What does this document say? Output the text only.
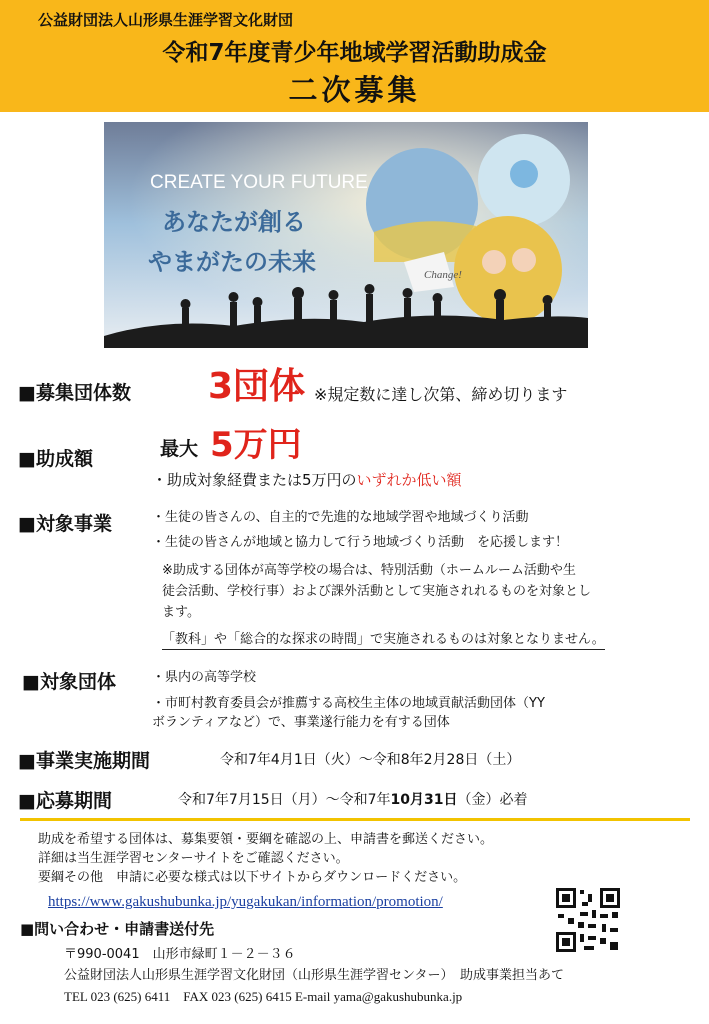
公益財団法人山形県生涯学習文化財団
令和7年度青少年地域学習活動助成金
二次募集
Change!
CREATE YOUR FUTURE
あなたが創る
やまがたの未来
■募集団体数 3団体 ※規定数に達し次第、締め切ります
■助成額	最大 5万円
・助成対象経費または5万円のいずれか低い額
■対象事業	・生徒の皆さんの、自主的で先進的な地域学習や地域づくり活動
・生徒の皆さんが地域と協力して行う地域づくり活動　を応援します！
※助成する団体が高等学校の場合は、特別活動（ホームルーム活動や生
徒会活動、学校行事）および課外活動として実施されれるものを対象とし
ます。
「教科」や「総合的な探求の時間」で実施されるものは対象となりません。
■対象団体	・県内の高等学校
・市町村教育委員会が推薦する高校生主体の地域貢献活動団体（YY
ボランティアなど）で、事業遂行能力を有する団体
■事業実施期間	令和7年4月1日（火）～令和8年2月28日（土）
■応募期間	令和7年7月15日（月）～令和7年10月31日（金）必着
助成を希望する団体は、募集要領・要綱を確認の上、申請書を郵送ください。
詳細は当生涯学習センターサイトをご確認ください。
要綱その他　申請に必要な様式は以下サイトからダウンロードください。
https://www.gakushubunka.jp/yugakukan/information/promotion/
■問い合わせ・申請書送付先
〒990-0041　山形市緑町１－２－３６
公益財団法人山形県生涯学習文化財団（山形県生涯学習センター）　助成事業担当あて
TEL 023 (625) 6411　FAX 023 (625) 6415 E-mail yama@gakushubunka.jp
